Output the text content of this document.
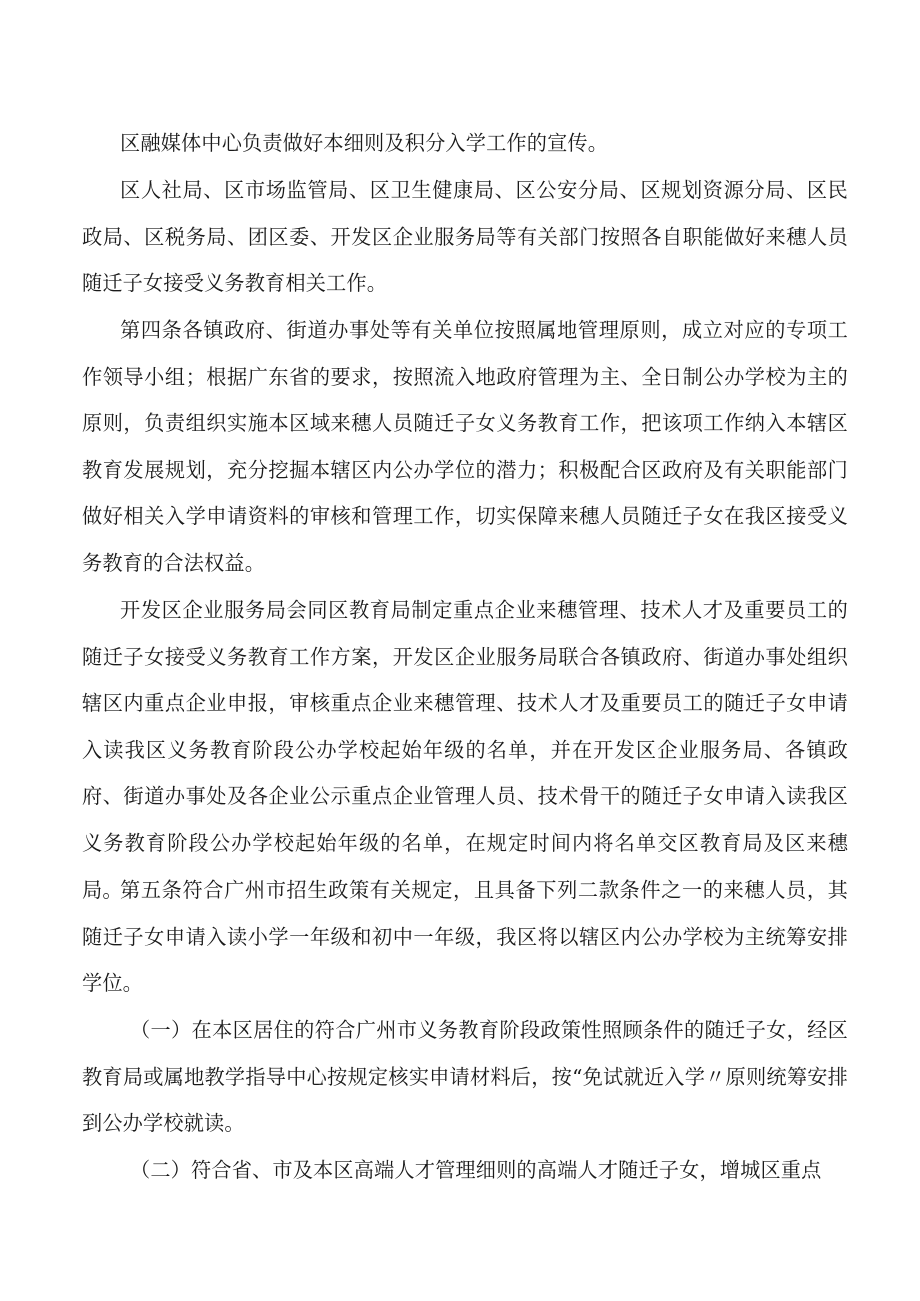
区融媒体中心负责做好本细则及积分入学工作的宣传。

区人社局、区市场监管局、区卫生健康局、区公安分局、区规划资源分局、区民政局、区税务局、团区委、开发区企业服务局等有关部门按照各自职能做好来穗人员随迁子女接受义务教育相关工作。

第四条各镇政府、街道办事处等有关单位按照属地管理原则，成立对应的专项工作领导小组；根据广东省的要求，按照流入地政府管理为主、全日制公办学校为主的原则，负责组织实施本区域来穗人员随迁子女义务教育工作，把该项工作纳入本辖区教育发展规划，充分挖掘本辖区内公办学位的潜力；积极配合区政府及有关职能部门做好相关入学申请资料的审核和管理工作，切实保障来穗人员随迁子女在我区接受义务教育的合法权益。

开发区企业服务局会同区教育局制定重点企业来穗管理、技术人才及重要员工的随迁子女接受义务教育工作方案，开发区企业服务局联合各镇政府、街道办事处组织辖区内重点企业申报，审核重点企业来穗管理、技术人才及重要员工的随迁子女申请入读我区义务教育阶段公办学校起始年级的名单，并在开发区企业服务局、各镇政府、街道办事处及各企业公示重点企业管理人员、技术骨干的随迁子女申请入读我区义务教育阶段公办学校起始年级的名单，在规定时间内将名单交区教育局及区来穗局。

第五条符合广州市招生政策有关规定，且具备下列二款条件之一的来穗人员，其随迁子女申请入读小学一年级和初中一年级，我区将以辖区内公办学校为主统筹安排学位。

（一）在本区居住的符合广州市义务教育阶段政策性照顾条件的随迁子女，经区教育局或属地教学指导中心按规定核实申请材料后，按“免试就近入学〃原则统筹安排到公办学校就读。

（二）符合省、市及本区高端人才管理细则的高端人才随迁子女，增城区重点
